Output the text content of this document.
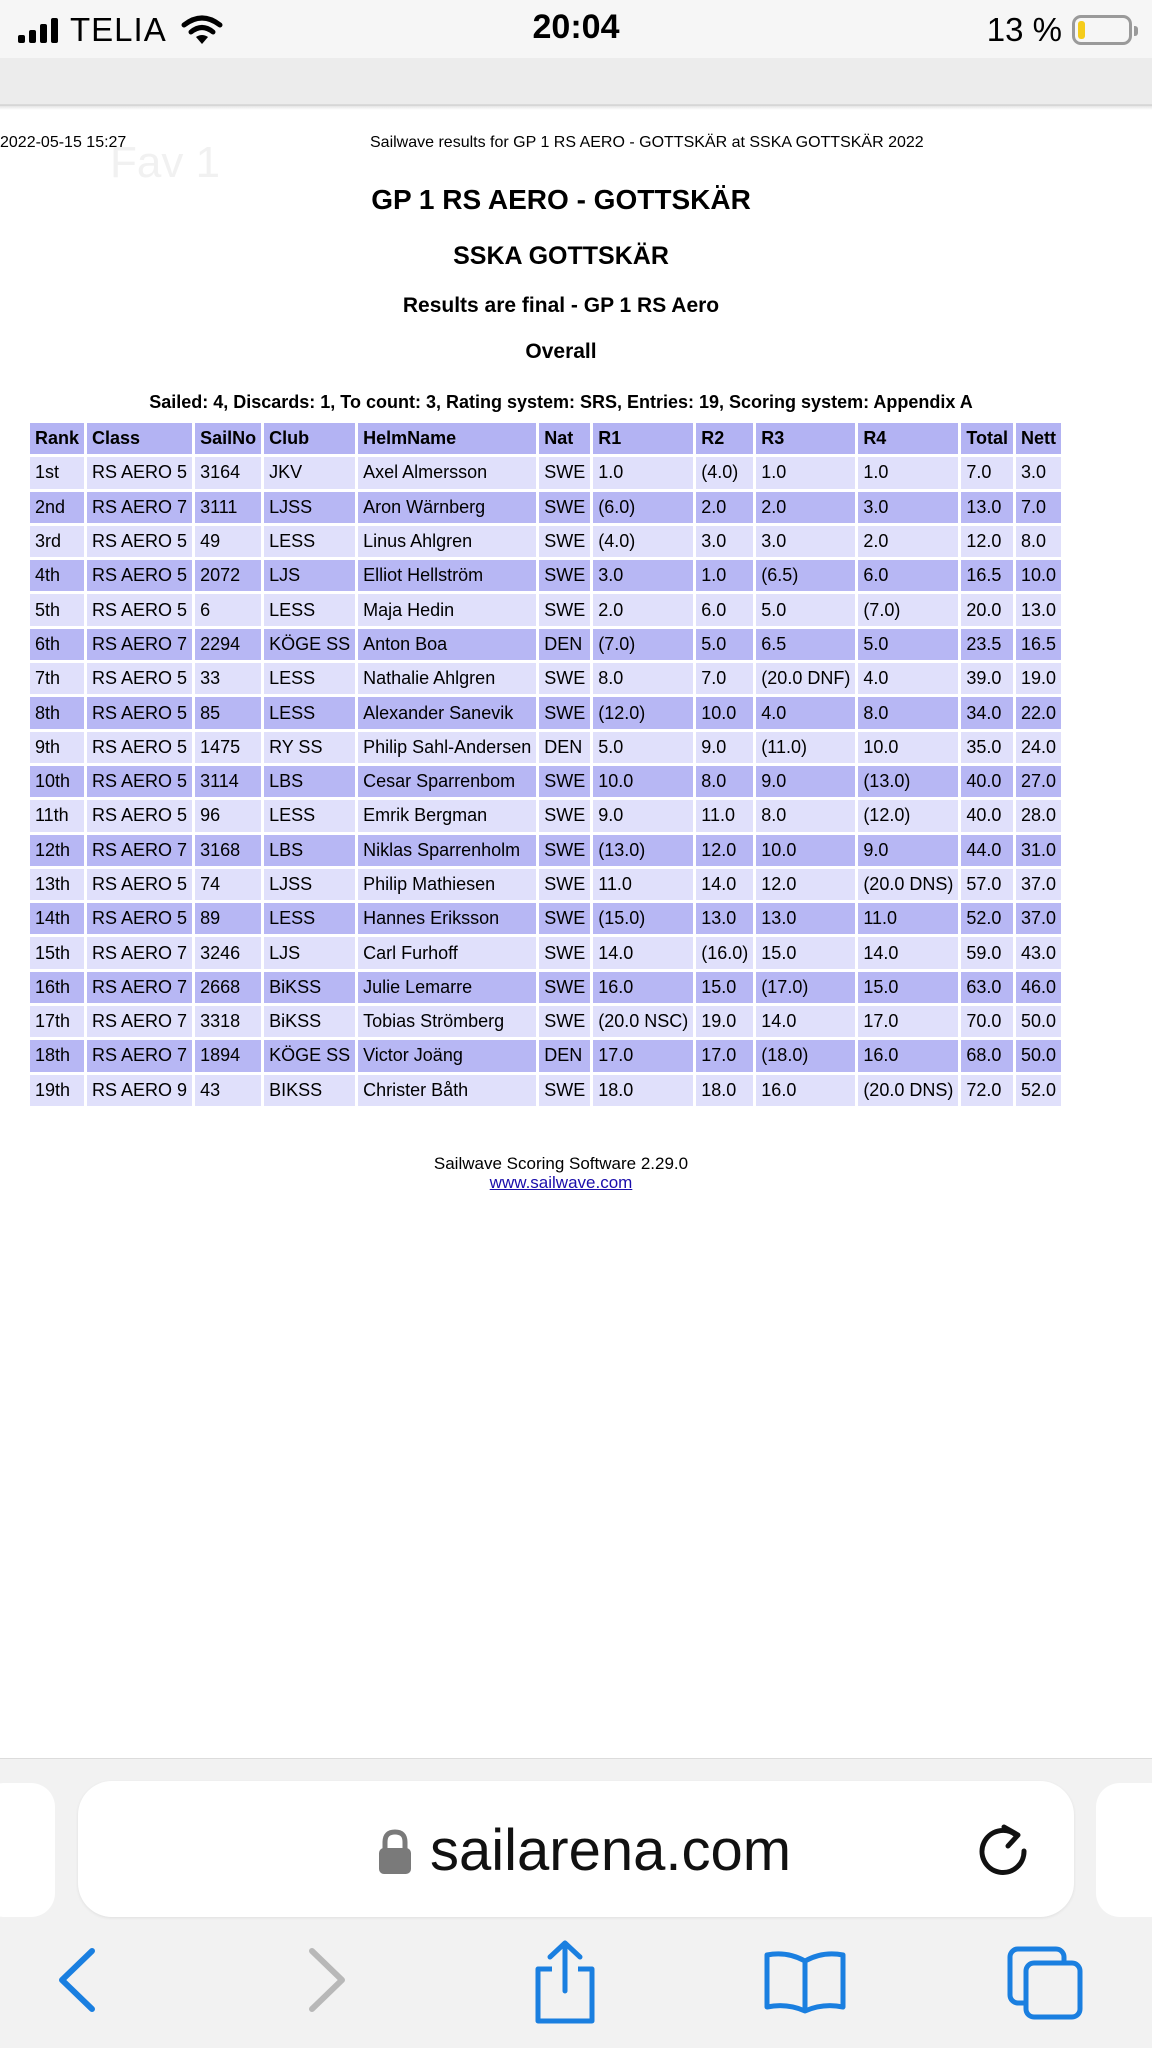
TELIA	20:04	13 %
Fav 1
2022-05-15 15:27	Sailwave results for GP 1 RS AERO - GOTTSKÄR at SSKA GOTTSKÄR 2022
GP 1 RS AERO - GOTTSKÄR
SSKA GOTTSKÄR
Results are final - GP 1 RS Aero
Overall
Sailed: 4, Discards: 1, To count: 3, Rating system: SRS, Entries: 19, Scoring system: Appendix A
Rank	Class	SailNo	Club	HelmName	Nat	R1	R2	R3	R4	Total	Nett
1st	RS AERO 5	3164	JKV	Axel Almersson	SWE	1.0	(4.0)	1.0	1.0	7.0	3.0
2nd	RS AERO 7	3111	LJSS	Aron Wärnberg	SWE	(6.0)	2.0	2.0	3.0	13.0	7.0
3rd	RS AERO 5	49	LESS	Linus Ahlgren	SWE	(4.0)	3.0	3.0	2.0	12.0	8.0
4th	RS AERO 5	2072	LJS	Elliot Hellström	SWE	3.0	1.0	(6.5)	6.0	16.5	10.0
5th	RS AERO 5	6	LESS	Maja Hedin	SWE	2.0	6.0	5.0	(7.0)	20.0	13.0
6th	RS AERO 7	2294	KÖGE SS	Anton Boa	DEN	(7.0)	5.0	6.5	5.0	23.5	16.5
7th	RS AERO 5	33	LESS	Nathalie Ahlgren	SWE	8.0	7.0	(20.0 DNF)	4.0	39.0	19.0
8th	RS AERO 5	85	LESS	Alexander Sanevik	SWE	(12.0)	10.0	4.0	8.0	34.0	22.0
9th	RS AERO 5	1475	RY SS	Philip Sahl-Andersen	DEN	5.0	9.0	(11.0)	10.0	35.0	24.0
10th	RS AERO 5	3114	LBS	Cesar Sparrenbom	SWE	10.0	8.0	9.0	(13.0)	40.0	27.0
11th	RS AERO 5	96	LESS	Emrik Bergman	SWE	9.0	11.0	8.0	(12.0)	40.0	28.0
12th	RS AERO 7	3168	LBS	Niklas Sparrenholm	SWE	(13.0)	12.0	10.0	9.0	44.0	31.0
13th	RS AERO 5	74	LJSS	Philip Mathiesen	SWE	11.0	14.0	12.0	(20.0 DNS)	57.0	37.0
14th	RS AERO 5	89	LESS	Hannes Eriksson	SWE	(15.0)	13.0	13.0	11.0	52.0	37.0
15th	RS AERO 7	3246	LJS	Carl Furhoff	SWE	14.0	(16.0)	15.0	14.0	59.0	43.0
16th	RS AERO 7	2668	BiKSS	Julie Lemarre	SWE	16.0	15.0	(17.0)	15.0	63.0	46.0
17th	RS AERO 7	3318	BiKSS	Tobias Strömberg	SWE	(20.0 NSC)	19.0	14.0	17.0	70.0	50.0
18th	RS AERO 7	1894	KÖGE SS	Victor Joäng	DEN	17.0	17.0	(18.0)	16.0	68.0	50.0
19th	RS AERO 9	43	BIKSS	Christer Båth	SWE	18.0	18.0	16.0	(20.0 DNS)	72.0	52.0
Sailwave Scoring Software 2.29.0
www.sailwave.com
sailarena.com
